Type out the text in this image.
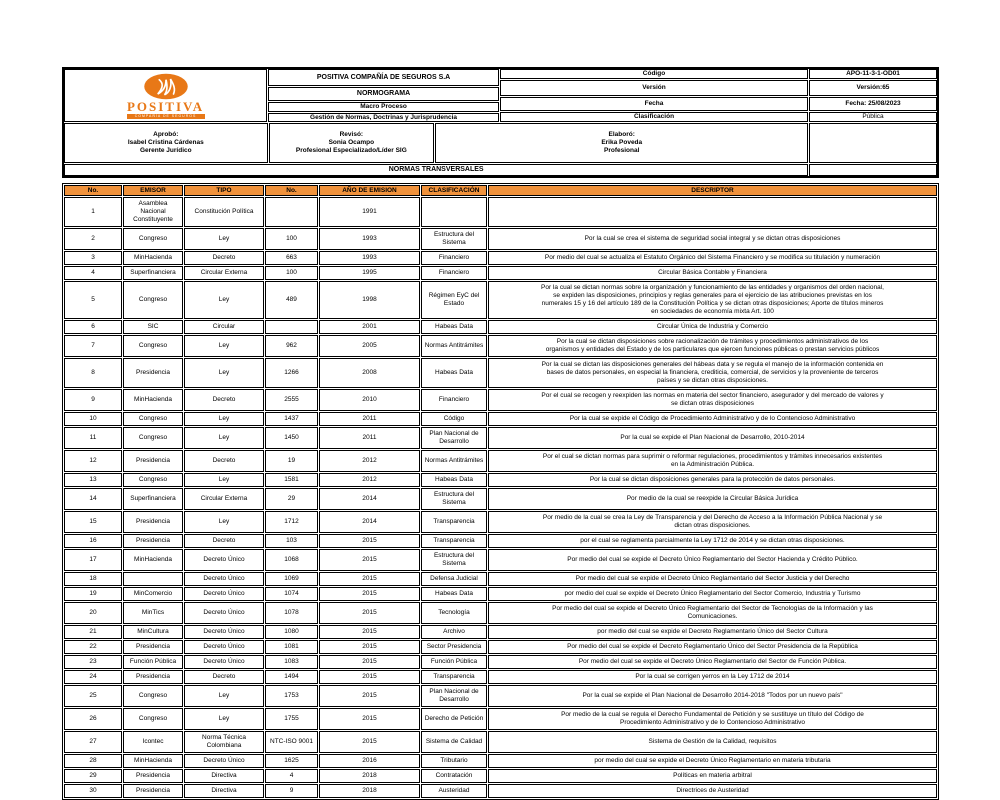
POSITIVA
COMPAÑÍA DE SEGUROS
POSITIVA COMPAÑÍA DE SEGUROS S.A
NORMOGRAMA
Macro Proceso
Gestión de Normas, Doctrinas y Jurisprudencia
Código	APO-11-3-1-OD01
Versión	Versión:65
Fecha	Fecha: 25/08/2023
Clasificación	Pública
Aprobó:
Isabel Cristina Cárdenas
Gerente Jurídico
Revisó:
Sonia Ocampo
Profesional Especializado/Líder SIG
Elaboró:
Erika Poveda
Profesional
NORMAS TRANSVERSALES
No.	EMISOR	TIPO	No.	AÑO DE EMISION	CLASIFICACIÓN	DESCRIPTOR
1	Asamblea Nacional Constituyente	Constitución Política		1991		
2	Congreso	Ley	100	1993	Estructura del Sistema	Por la cual se crea el sistema de seguridad social integral y se dictan otras disposiciones
3	MinHacienda	Decreto	663	1993	Financiero	Por medio del cual se actualiza el Estatuto Orgánico del Sistema Financiero y se modifica su titulación y numeración
4	Superfinanciera	Circular Externa	100	1995	Financiero	Circular Básica Contable y Financiera
5	Congreso	Ley	489	1998	Régimen EyC del Estado	Por la cual se dictan normas sobre la organización y funcionamiento de las entidades y organismos del orden nacional, se expiden las disposiciones, principios y reglas generales para el ejercicio de las atribuciones previstas en los numerales 15 y 16 del artículo 189 de la Constitución Política y se dictan otras disposiciones; Aporte de títulos mineros en sociedades de economía mixta Art. 100
6	SIC	Circular		2001	Habeas Data	Circular Única de Industria y Comercio
7	Congreso	Ley	962	2005	Normas Antitrámites	Por la cual se dictan disposiciones sobre racionalización de trámites y procedimientos administrativos de los organismos y entidades del Estado y de los particulares que ejercen funciones públicas o prestan servicios públicos
8	Presidencia	Ley	1266	2008	Habeas Data	Por la cual se dictan las disposiciones generales del hábeas data y se regula el manejo de la información contenida en bases de datos personales, en especial la financiera, crediticia, comercial, de servicios y la proveniente de terceros países y se dictan otras disposiciones.
9	MinHacienda	Decreto	2555	2010	Financiero	Por el cual se recogen y reexpiden las normas en materia del sector financiero, asegurador y del mercado de valores y se dictan otras disposiciones
10	Congreso	Ley	1437	2011	Código	Por la cual se expide el Código de Procedimiento Administrativo y de lo Contencioso Administrativo
11	Congreso	Ley	1450	2011	Plan Nacional de Desarrollo	Por la cual se expide el Plan Nacional de Desarrollo, 2010-2014
12	Presidencia	Decreto	19	2012	Normas Antitrámites	Por el cual se dictan normas para suprimir o reformar regulaciones, procedimientos y trámites innecesarios existentes en la Administración Pública.
13	Congreso	Ley	1581	2012	Habeas Data	Por la cual se dictan disposiciones generales para la protección de datos personales.
14	Superfinanciera	Circular Externa	29	2014	Estructura del Sistema	Por medio de la cual se reexpide la Circular Básica Jurídica
15	Presidencia	Ley	1712	2014	Transparencia	Por medio de la cual se crea la Ley de Transparencia y del Derecho de Acceso a la Información Pública Nacional y se dictan otras disposiciones.
16	Presidencia	Decreto	103	2015	Transparencia	por el cual se reglamenta parcialmente la Ley 1712 de 2014 y se dictan otras disposiciones.
17	MinHacienda	Decreto Único	1068	2015	Estructura del Sistema	Por medio del cual se expide el Decreto Único Reglamentario del Sector Hacienda y Crédito Público.
18		Decreto Único	1069	2015	Defensa Judicial	Por medio del cual se expide el Decreto Único Reglamentario del Sector Justicia y del Derecho
19	MinComercio	Decreto Único	1074	2015	Habeas Data	por medio del cual se expide el Decreto Único Reglamentario del Sector Comercio, Industria y Turismo
20	MinTics	Decreto Único	1078	2015	Tecnología	Por medio del cual se expide el Decreto Único Reglamentario del Sector de Tecnologías de la Información y las Comunicaciones.
21	MinCultura	Decreto Único	1080	2015	Archivo	por medio del cual se expide el Decreto Reglamentario Único del Sector Cultura
22	Presidencia	Decreto Único	1081	2015	Sector Presidencia	Por medio del cual se expide el Decreto Reglamentario Único del Sector Presidencia de la República
23	Función Pública	Decreto Único	1083	2015	Función Pública	Por medio del cual se expide el Decreto Único Reglamentario del Sector de Función Pública.
24	Presidencia	Decreto	1494	2015	Transparencia	Por la cual se corrigen yerros en la Ley 1712 de 2014
25	Congreso	Ley	1753	2015	Plan Nacional de Desarrollo	Por la cual se expide el Plan Nacional de Desarrollo 2014-2018 "Todos por un nuevo país"
26	Congreso	Ley	1755	2015	Derecho de Petición	Por medio de la cual se regula el Derecho Fundamental de Petición y se sustituye un título del Código de Procedimiento Administrativo y de lo Contencioso Administrativo
27	Icontec	Norma Técnica Colombiana	NTC-ISO 9001	2015	Sistema de Calidad	Sistema de Gestión de la Calidad, requisitos
28	MinHacienda	Decreto Único	1625	2016	Tributario	por medio del cual se expide el Decreto Único Reglamentario en materia tributaria
29	Presidencia	Directiva	4	2018	Contratación	Políticas en materia arbitral
30	Presidencia	Directiva	9	2018	Austeridad	Directrices de Austeridad
